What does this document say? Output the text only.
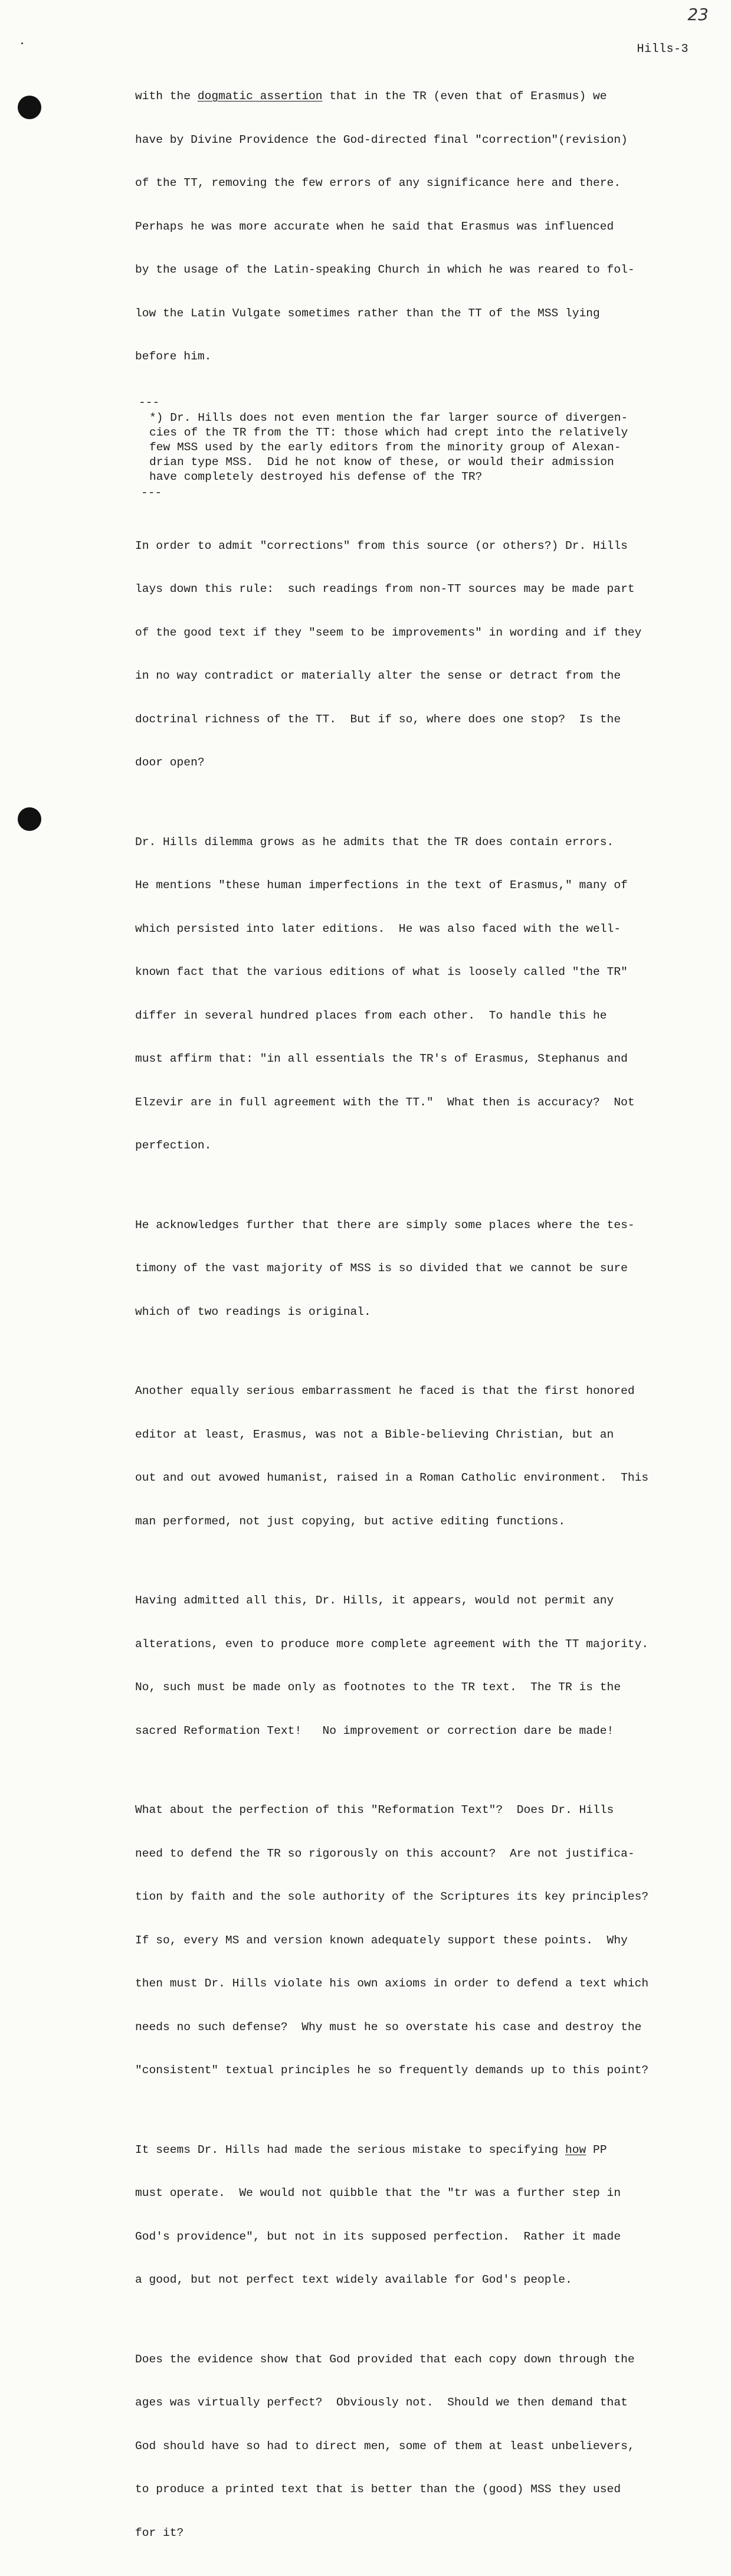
23
Hills-3

with the dogmatic assertion that in the TR (even that of Erasmus) we

have by Divine Providence the God-directed final "correction"(revision)

of the TT, removing the few errors of any significance here and there.

Perhaps he was more accurate when he said that Erasmus was influenced

by the usage of the Latin-speaking Church in which he was reared to fol-

low the Latin Vulgate sometimes rather than the TT of the MSS lying

before him.

---
*) Dr. Hills does not even mention the far larger source of divergen-
cies of the TR from the TT: those which had crept into the relatively
few MSS used by the early editors from the minority group of Alexan-
drian type MSS.  Did he not know of these, or would their admission
have completely destroyed his defense of the TR?
---

In order to admit "corrections" from this source (or others?) Dr. Hills

lays down this rule:  such readings from non-TT sources may be made part

of the good text if they "seem to be improvements" in wording and if they

in no way contradict or materially alter the sense or detract from the

doctrinal richness of the TT.  But if so, where does one stop?  Is the

door open?

Dr. Hills dilemma grows as he admits that the TR does contain errors.

He mentions "these human imperfections in the text of Erasmus," many of

which persisted into later editions.  He was also faced with the well-

known fact that the various editions of what is loosely called "the TR"

differ in several hundred places from each other.  To handle this he

must affirm that: "in all essentials the TR's of Erasmus, Stephanus and

Elzevir are in full agreement with the TT."  What then is accuracy?  Not

perfection.

He acknowledges further that there are simply some places where the tes-

timony of the vast majority of MSS is so divided that we cannot be sure

which of two readings is original.

Another equally serious embarrassment he faced is that the first honored

editor at least, Erasmus, was not a Bible-believing Christian, but an

out and out avowed humanist, raised in a Roman Catholic environment.  This

man performed, not just copying, but active editing functions.

Having admitted all this, Dr. Hills, it appears, would not permit any

alterations, even to produce more complete agreement with the TT majority.

No, such must be made only as footnotes to the TR text.  The TR is the

sacred Reformation Text!   No improvement or correction dare be made!

What about the perfection of this "Reformation Text"?  Does Dr. Hills

need to defend the TR so rigorously on this account?  Are not justifica-

tion by faith and the sole authority of the Scriptures its key principles?

If so, every MS and version known adequately support these points.  Why

then must Dr. Hills violate his own axioms in order to defend a text which

needs no such defense?  Why must he so overstate his case and destroy the

"consistent" textual principles he so frequently demands up to this point?

It seems Dr. Hills had made the serious mistake to specifying how PP

must operate.  We would not quibble that the "tr was a further step in

God's providence", but not in its supposed perfection.  Rather it made

a good, but not perfect text widely available for God's people.

Does the evidence show that God provided that each copy down through the

ages was virtually perfect?  Obviously not.  Should we then demand that

God should have so had to direct men, some of them at least unbelievers,

to produce a printed text that is better than the (good) MSS they used

for it?
